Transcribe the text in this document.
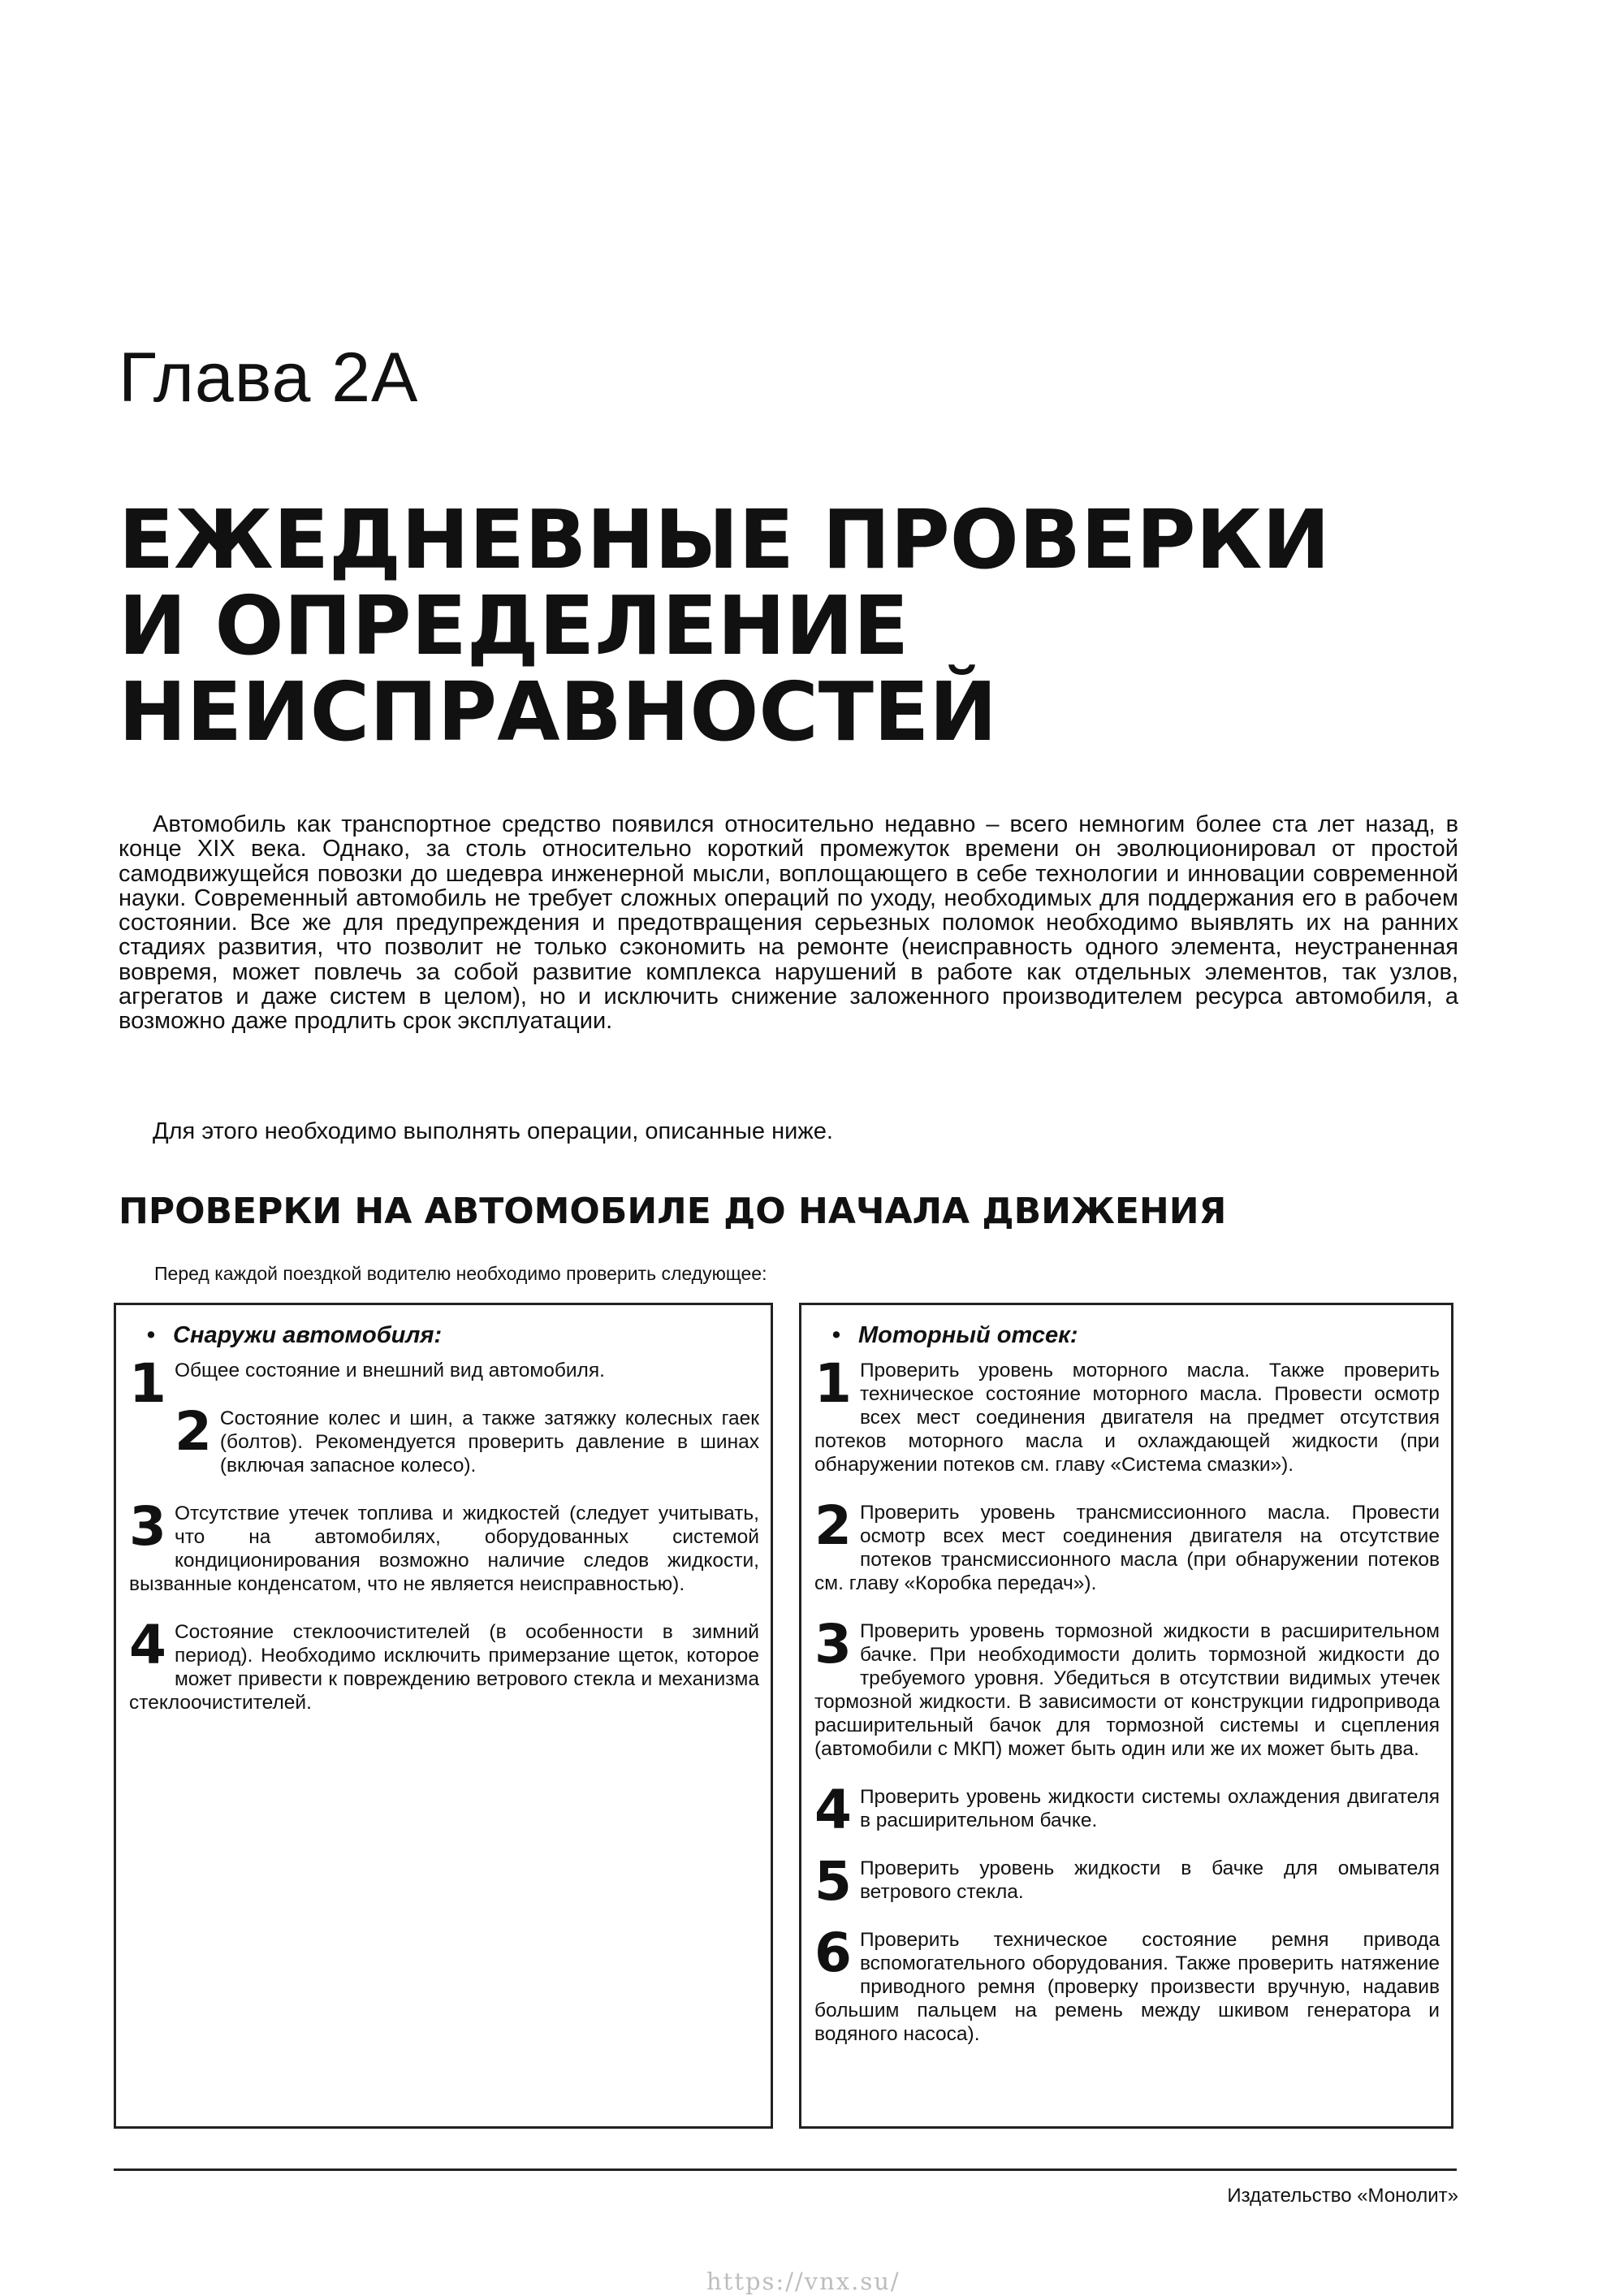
Глава 2А
ЕЖЕДНЕВНЫЕ ПРОВЕРКИ
И ОПРЕДЕЛЕНИЕ
НЕИСПРАВНОСТЕЙ

Автомобиль как транспортное средство появился относительно недавно – всего немногим более ста лет назад, в конце XIX века. Однако, за столь относительно короткий промежуток времени он эволюционировал от простой самодвижущейся повозки до шедевра инженерной мысли, воплощающего в себе технологии и инновации современной науки. Современный автомобиль не требует сложных операций по уходу, необходимых для поддержания его в рабочем состоянии. Все же для предупреждения и предотвращения серьезных поломок необходимо выявлять их на ранних стадиях развития, что позволит не только сэкономить на ремонте (неисправность одного элемента, неустраненная вовремя, может повлечь за собой развитие комплекса нарушений в работе как отдельных элементов, так узлов, агрегатов и даже систем в целом), но и исключить снижение заложенного производителем ресурса автомобиля, а возможно даже продлить срок эксплуатации.

Для этого необходимо выполнять операции, описанные ниже.

ПРОВЕРКИ НА АВТОМОБИЛЕ ДО НАЧАЛА ДВИЖЕНИЯ
Перед каждой поездкой водителю необходимо проверить следующее:
• Снаружи автомобиля:
1 Общее состояние и внешний вид автомобиля.
2 Состояние колес и шин, а также затяжку колесных гаек (болтов). Рекомендуется проверить давление в шинах (включая запасное колесо).
3 Отсутствие утечек топлива и жидкостей (следует учитывать, что на автомобилях, оборудованных системой кондиционирования возможно наличие следов жидкости, вызванные конденсатом, что не является неисправностью).
4 Состояние стеклоочистителей (в особенности в зимний период). Необходимо исключить примерзание щеток, которое может привести к повреждению ветрового стекла и механизма стеклоочистителей.
• Моторный отсек:
1 Проверить уровень моторного масла. Также проверить техническое состояние моторного масла. Провести осмотр всех мест соединения двигателя на предмет отсутствия потеков моторного масла и охлаждающей жидкости (при обнаружении потеков см. главу «Система смазки»).
2 Проверить уровень трансмиссионного масла. Провести осмотр всех мест соединения двигателя на отсутствие потеков трансмиссионного масла (при обнаружении потеков см. главу «Коробка передач»).
3 Проверить уровень тормозной жидкости в расширительном бачке. При необходимости долить тормозной жидкости до требуемого уровня. Убедиться в отсутствии видимых утечек тормозной жидкости. В зависимости от конструкции гидропривода расширительный бачок для тормозной системы и сцепления (автомобили с МКП) может быть один или же их может быть два.
4 Проверить уровень жидкости системы охлаждения двигателя в расширительном бачке.
5 Проверить уровень жидкости в бачке для омывателя ветрового стекла.
6 Проверить техническое состояние ремня привода вспомогательного оборудования. Также проверить натяжение приводного ремня (проверку произвести вручную, надавив большим пальцем на ремень между шкивом генератора и водяного насоса).
Издательство «Монолит»
https://vnx.su/
